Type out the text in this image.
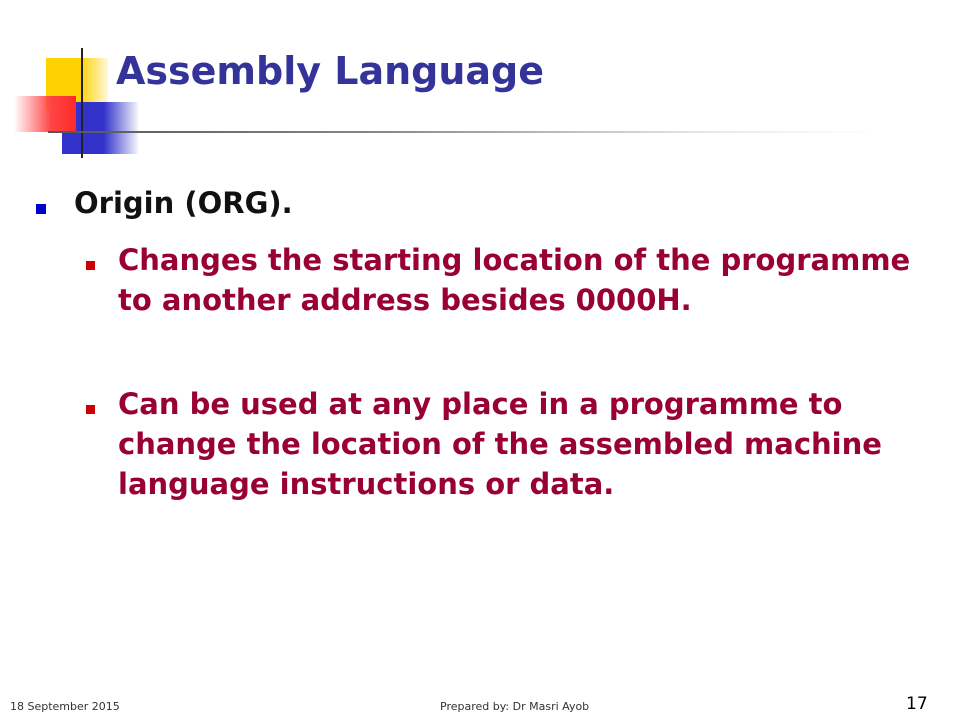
Assembly Language
Origin (ORG).
Changes the starting location of the programme to another address besides 0000H.
Can be used at any place in a programme to change the location of the assembled machine language instructions or data.
18 September 2015	Prepared by: Dr Masri Ayob	17
